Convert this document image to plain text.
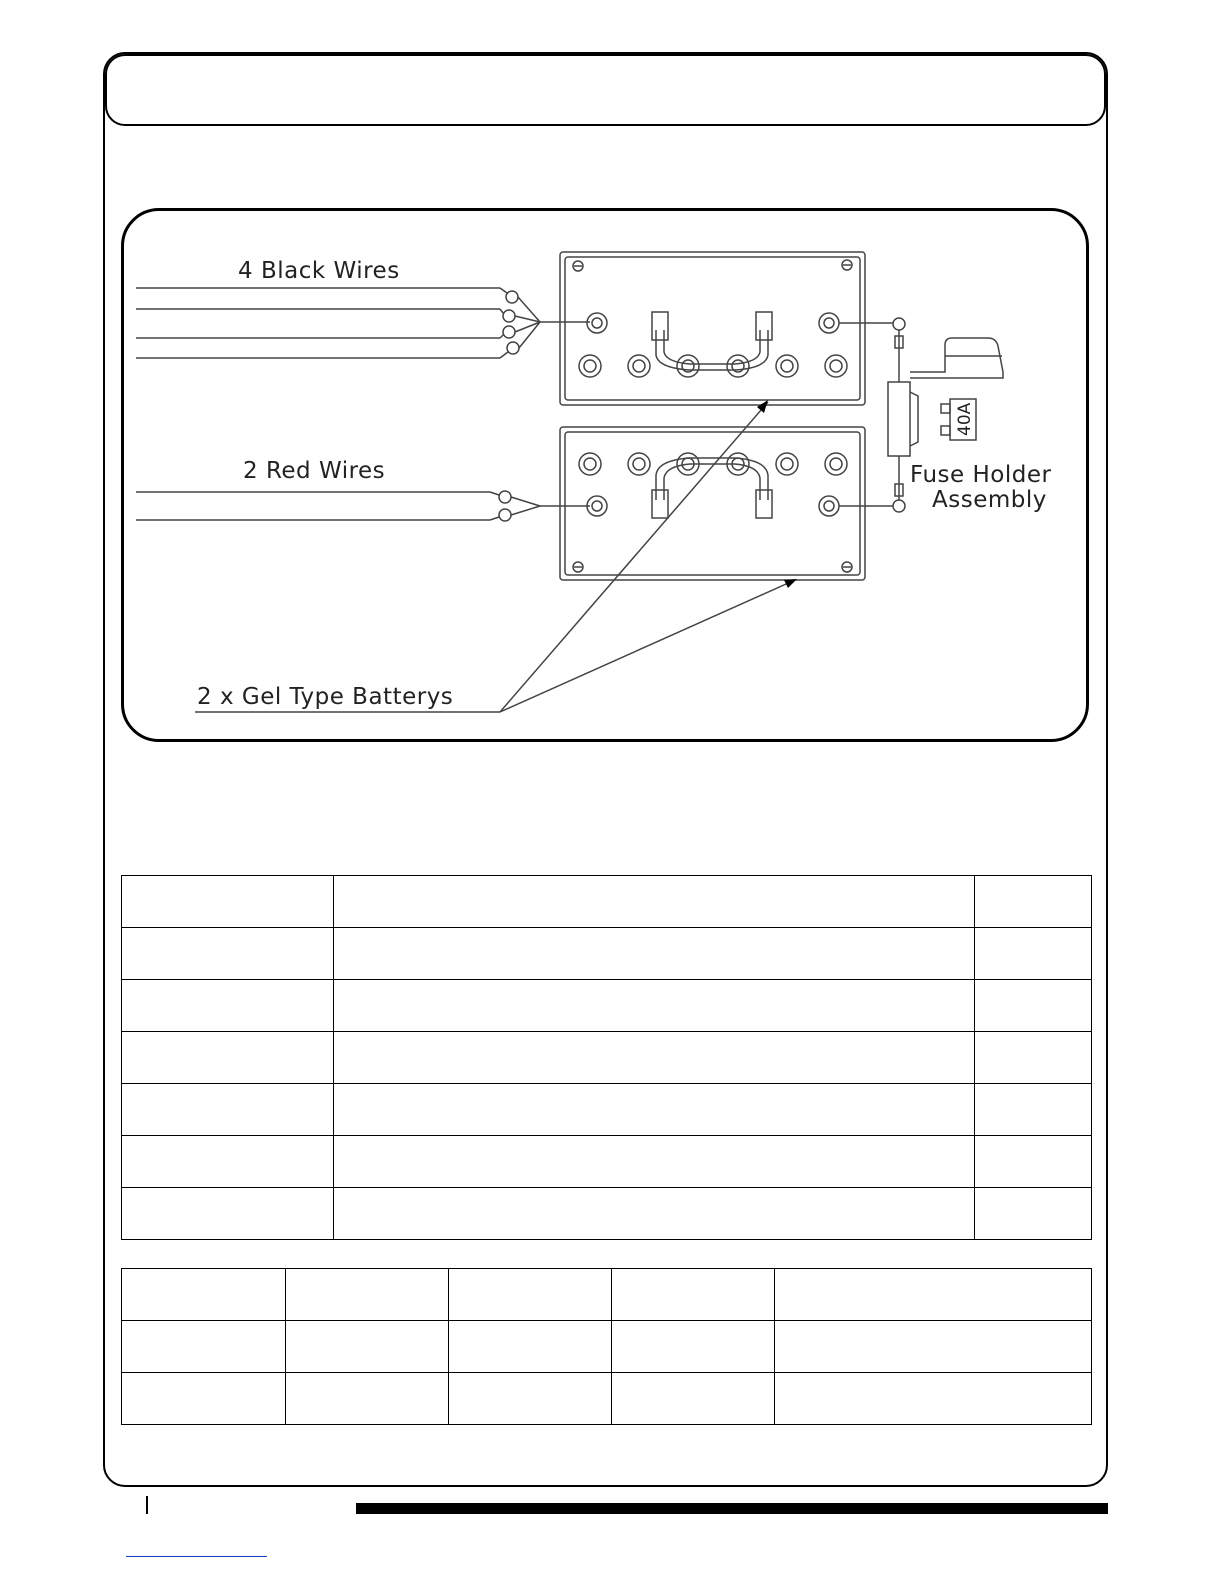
4 Black Wires
2 Red Wires	Fuse Holder
Assembly
2 x Gel Type Batterys
40A
